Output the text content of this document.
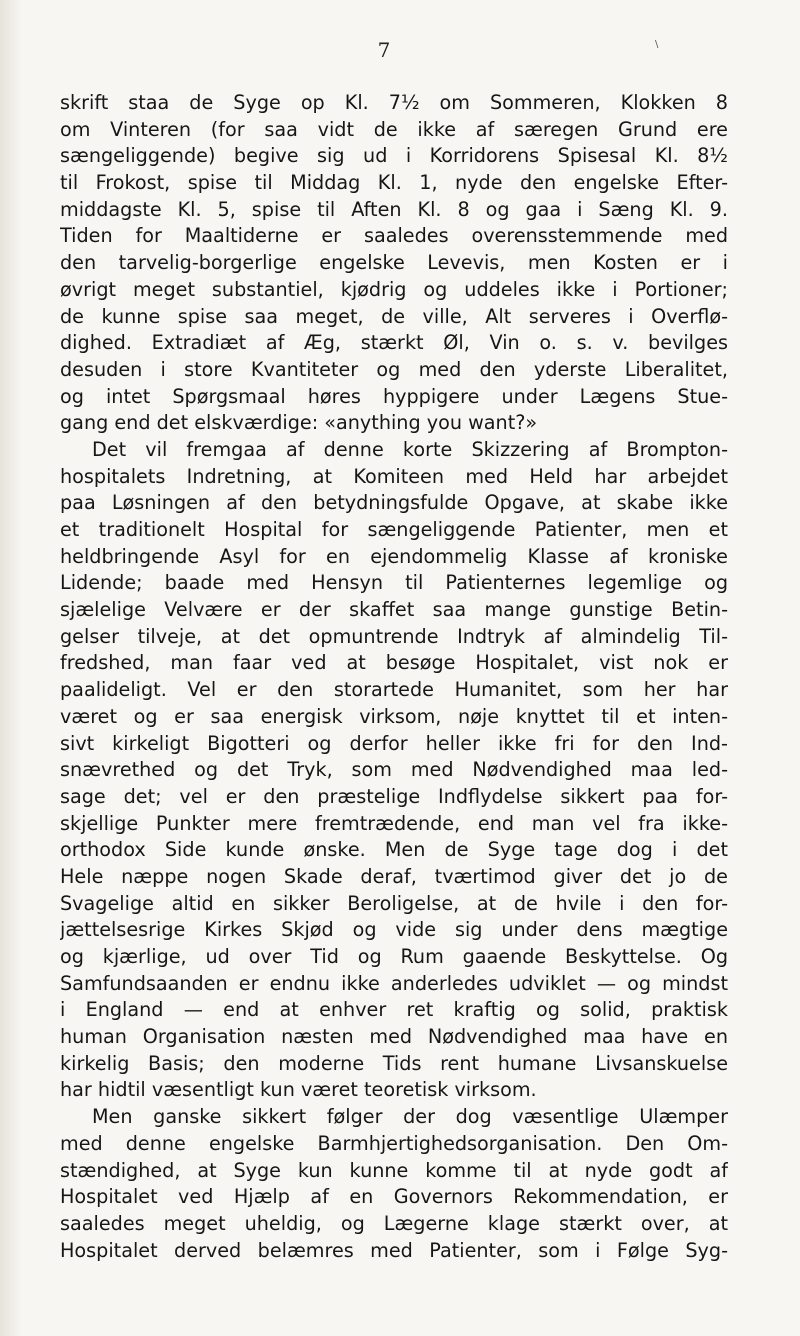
7	\
skrift staa de Syge op Kl. 7½ om Sommeren, Klokken 8
om Vinteren (for saa vidt de ikke af særegen Grund ere
sængeliggende) begive sig ud i Korridorens Spisesal Kl. 8½
til Frokost, spise til Middag Kl. 1, nyde den engelske Efter-
middagste Kl. 5, spise til Aften Kl. 8 og gaa i Sæng Kl. 9.
Tiden for Maaltiderne er saaledes overensstemmende med
den tarvelig-borgerlige engelske Levevis, men Kosten er i
øvrigt meget substantiel, kjødrig og uddeles ikke i Portioner;
de kunne spise saa meget, de ville, Alt serveres i Overflø-
dighed. Extradiæt af Æg, stærkt Øl, Vin o. s. v. bevilges
desuden i store Kvantiteter og med den yderste Liberalitet,
og intet Spørgsmaal høres hyppigere under Lægens Stue-
gang end det elskværdige: «anything you want?»
Det vil fremgaa af denne korte Skizzering af Brompton-
hospitalets Indretning, at Komiteen med Held har arbejdet
paa Løsningen af den betydningsfulde Opgave, at skabe ikke
et traditionelt Hospital for sængeliggende Patienter, men et
heldbringende Asyl for en ejendommelig Klasse af kroniske
Lidende; baade med Hensyn til Patienternes legemlige og
sjælelige Velvære er der skaffet saa mange gunstige Betin-
gelser tilveje, at det opmuntrende Indtryk af almindelig Til-
fredshed, man faar ved at besøge Hospitalet, vist nok er
paalideligt. Vel er den storartede Humanitet, som her har
været og er saa energisk virksom, nøje knyttet til et inten-
sivt kirkeligt Bigotteri og derfor heller ikke fri for den Ind-
snævrethed og det Tryk, som med Nødvendighed maa led-
sage det; vel er den præstelige Indflydelse sikkert paa for-
skjellige Punkter mere fremtrædende, end man vel fra ikke-
orthodox Side kunde ønske. Men de Syge tage dog i det
Hele næppe nogen Skade deraf, tværtimod giver det jo de
Svagelige altid en sikker Beroligelse, at de hvile i den for-
jættelsesrige Kirkes Skjød og vide sig under dens mægtige
og kjærlige, ud over Tid og Rum gaaende Beskyttelse. Og
Samfundsaanden er endnu ikke anderledes udviklet — og mindst
i England — end at enhver ret kraftig og solid, praktisk
human Organisation næsten med Nødvendighed maa have en
kirkelig Basis; den moderne Tids rent humane Livsanskuelse
har hidtil væsentligt kun været teoretisk virksom.
Men ganske sikkert følger der dog væsentlige Ulæmper
med denne engelske Barmhjertighedsorganisation. Den Om-
stændighed, at Syge kun kunne komme til at nyde godt af
Hospitalet ved Hjælp af en Governors Rekommendation, er
saaledes meget uheldig, og Lægerne klage stærkt over, at
Hospitalet derved belæmres med Patienter, som i Følge Syg-
